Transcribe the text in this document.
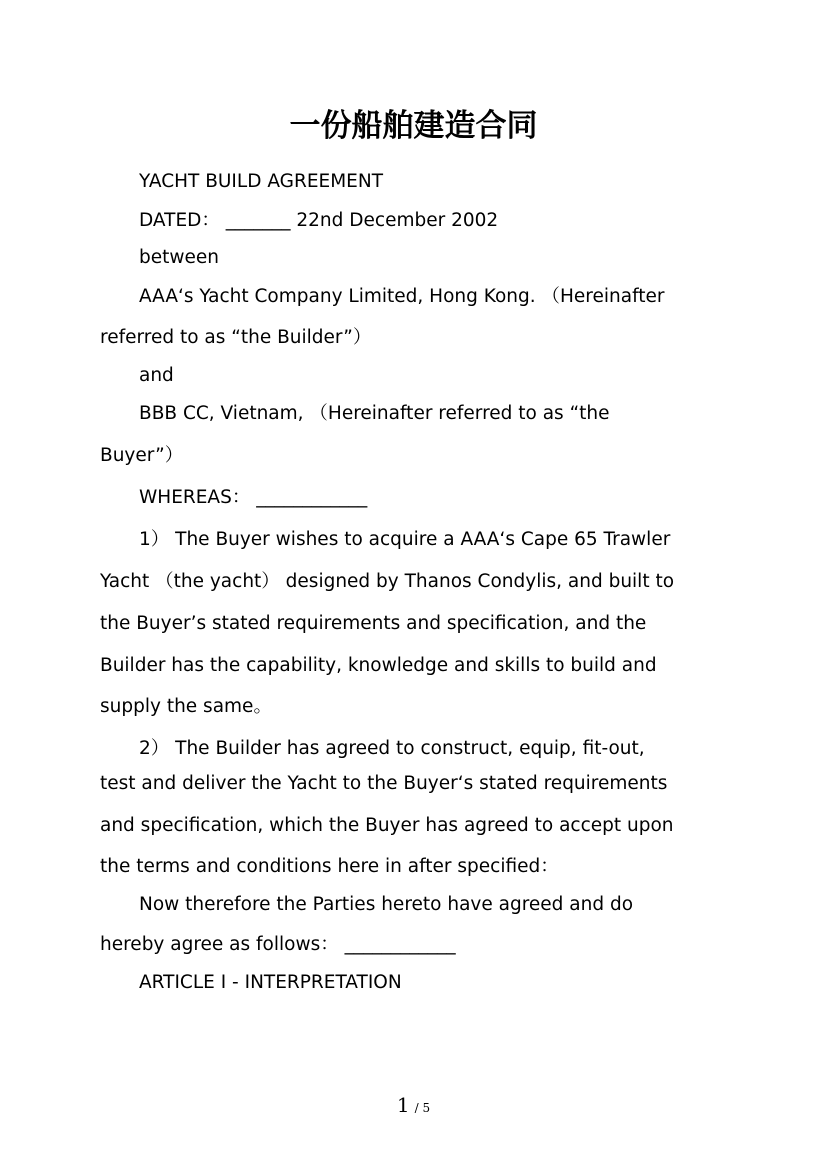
一份船舶建造合同
YACHT BUILD AGREEMENT
DATED： _______ 22nd December 2002
between
AAA‘s Yacht Company Limited, Hong Kong. （Hereinafter
referred to as “the Builder”）
and
BBB CC, Vietnam, （Hereinafter referred to as “the
Buyer”）
WHEREAS： ____________
1） The Buyer wishes to acquire a AAA‘s Cape 65 Trawler
Yacht （the yacht） designed by Thanos Condylis, and built to
the Buyer’s stated requirements and specification, and the
Builder has the capability, knowledge and skills to build and
supply the same。
2） The Builder has agreed to construct, equip, fit-out,
test and deliver the Yacht to the Buyer‘s stated requirements
and specification, which the Buyer has agreed to accept upon
the terms and conditions here in after specified：
Now therefore the Parties hereto have agreed and do
hereby agree as follows： ____________
ARTICLE I - INTERPRETATION
1 / 5
